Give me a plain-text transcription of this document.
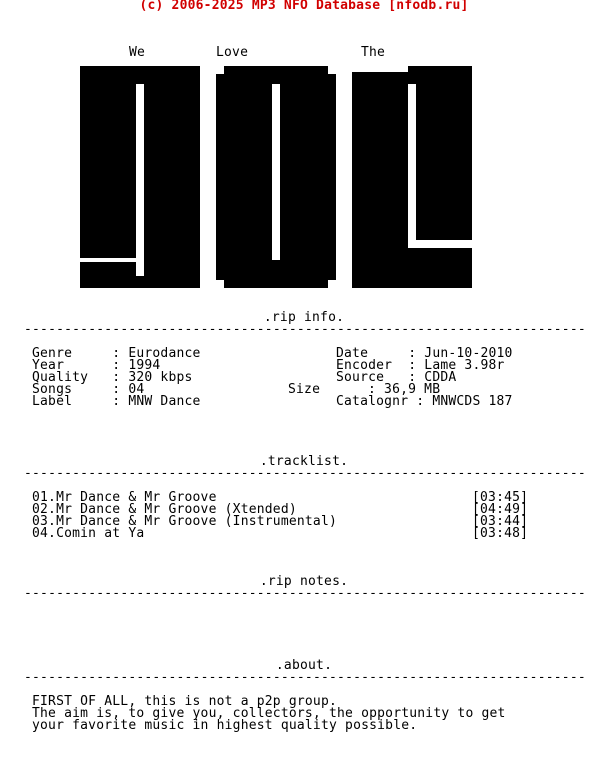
(c) 2006-2025 MP3 NFO Database [nfodb.ru]
We	Love	The
.rip info.
----------------------------------------------------------------------
Genre     : Eurodance
Year      : 1994
Quality   : 320 kbps
Songs     : 04
Label     : MNW Dance
Date     : Jun-10-2010
Encoder  : Lame 3.98r
Source   : CDDA
Size	: 36,9 MB
Catalognr : MNWCDS 187
.tracklist.
----------------------------------------------------------------------
01.Mr Dance & Mr Groove	[03:45]
02.Mr Dance & Mr Groove (Xtended)	[04:49]
03.Mr Dance & Mr Groove (Instrumental)	[03:44]
04.Comin at Ya	[03:48]
.rip notes.
----------------------------------------------------------------------
.about.
----------------------------------------------------------------------
FIRST OF ALL, this is not a p2p group.
The aim is, to give you, collectors, the opportunity to get
your favorite music in highest quality possible.
